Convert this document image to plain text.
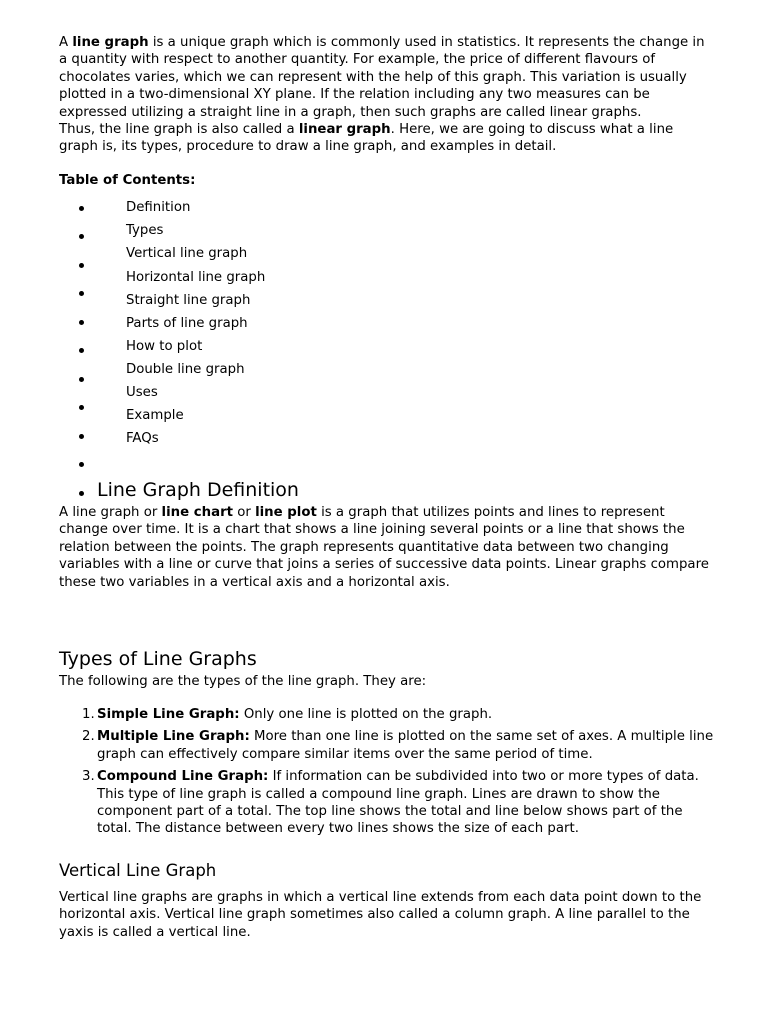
A line graph is a unique graph which is commonly used in statistics. It represents the change in a quantity with respect to another quantity. For example, the price of different flavours of chocolates varies, which we can represent with the help of this graph. This variation is usually plotted in a two-dimensional XY plane. If the relation including any two measures can be expressed utilizing a straight line in a graph, then such graphs are called linear graphs.
Thus, the line graph is also called a linear graph. Here, we are going to discuss what a line graph is, its types, procedure to draw a line graph, and examples in detail.

Table of Contents:

Definition
Types
Vertical line graph
Horizontal line graph
Straight line graph
Parts of line graph
How to plot
Double line graph
Uses
Example
FAQs
Line Graph Definition

A line graph or line chart or line plot is a graph that utilizes points and lines to represent change over time. It is a chart that shows a line joining several points or a line that shows the relation between the points. The graph represents quantitative data between two changing variables with a line or curve that joins a series of successive data points. Linear graphs compare these two variables in a vertical axis and a horizontal axis.

Types of Line Graphs

The following are the types of the line graph. They are:

1. Simple Line Graph: Only one line is plotted on the graph.
2. Multiple Line Graph: More than one line is plotted on the same set of axes. A multiple line graph can effectively compare similar items over the same period of time.
3. Compound Line Graph: If information can be subdivided into two or more types of data. This type of line graph is called a compound line graph. Lines are drawn to show the component part of a total. The top line shows the total and line below shows part of the total. The distance between every two lines shows the size of each part.
Vertical Line Graph

Vertical line graphs are graphs in which a vertical line extends from each data point down to the horizontal axis. Vertical line graph sometimes also called a column graph. A line parallel to the yaxis is called a vertical line.
